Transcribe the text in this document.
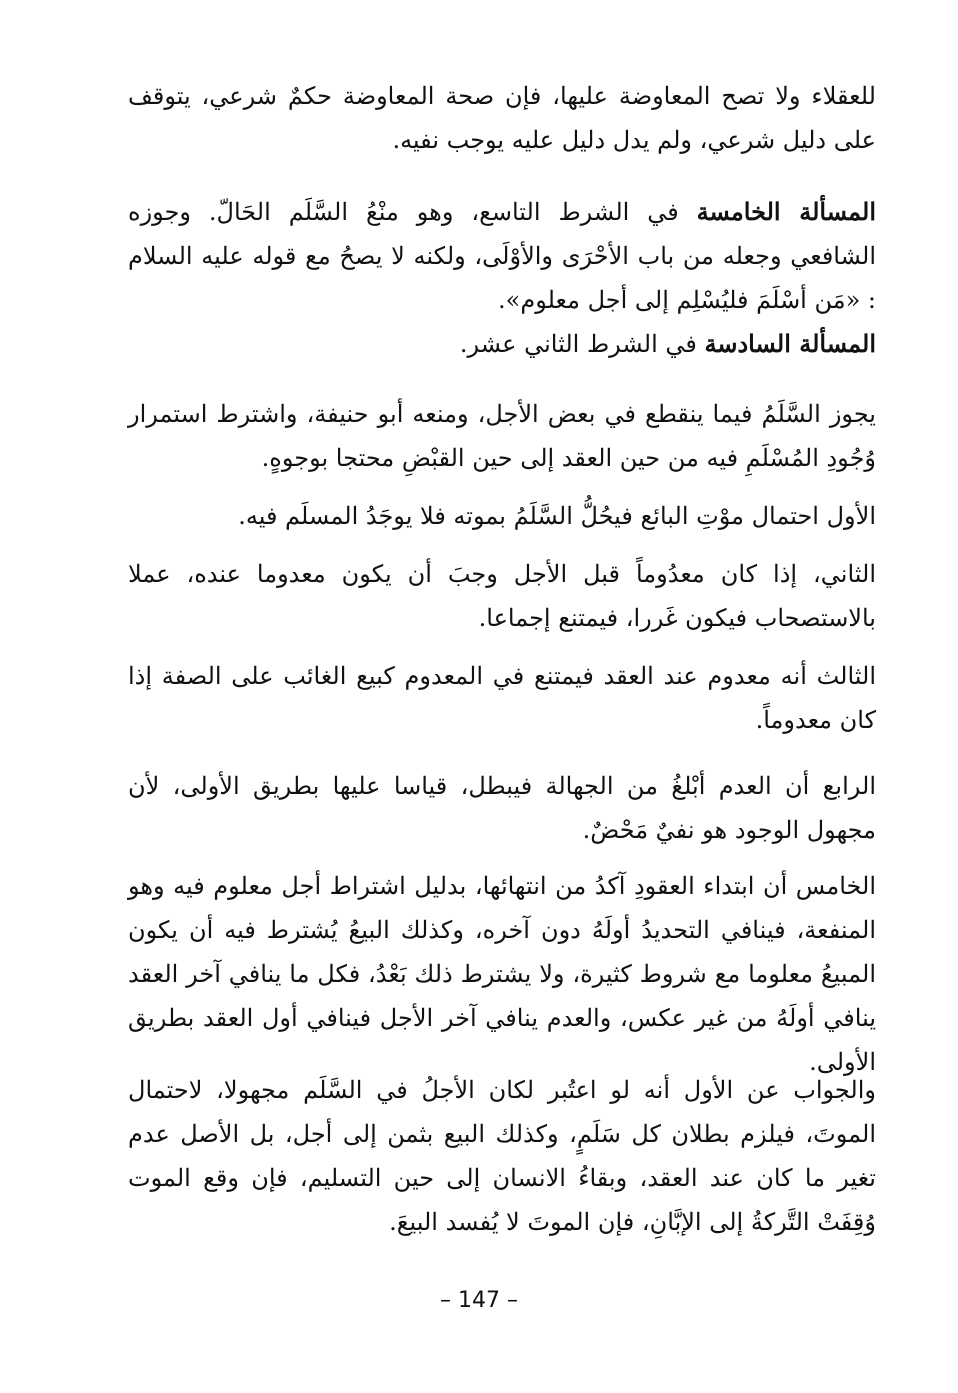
للعقلاء ولا تصح المعاوضة عليها، فإن صحة المعاوضة حكمٌ شرعي، يتوقف على دليل شرعي، ولم يدل دليل عليه يوجب نفيه.

المسألة الخامسة في الشرط التاسع، وهو منْعُ السَّلَم الحَالّ. وجوزه الشافعي وجعله من باب الأحْرَى والأوْلَى، ولكنه لا يصحُ مع قوله عليه السلام : «مَن أسْلَمَ فليُسْلِم إلى أجل معلوم».

المسألة السادسة في الشرط الثاني عشر.

يجوز السَّلَمُ فيما ينقطع في بعض الأجل، ومنعه أبو حنيفة، واشترط استمرار وُجُودِ المُسْلَمِ فيه من حين العقد إلى حين القبْضِ محتجا بوجوهٍ.

الأول احتمال موْتِ البائع فيحُلُّ السَّلَمُ بموته فلا يوجَدُ المسلَم فيه.

الثاني، إذا كان معدُوماً قبل الأجل وجبَ أن يكون معدوما عنده، عملا بالاستصحاب فيكون غَررا، فيمتنع إجماعا.

الثالث أنه معدوم عند العقد فيمتنع في المعدوم كبيع الغائب على الصفة إذا كان معدوماً.

الرابع أن العدم أبْلغُ من الجهالة فيبطل، قياسا عليها بطريق الأولى، لأن مجهول الوجود هو نفيٌ مَحْضٌ.

الخامس أن ابتداء العقودِ آكدُ من انتهائها، بدليل اشتراط أجل معلوم فيه وهو المنفعة، فينافي التحديدُ أولَهُ دون آخره، وكذلك البيعُ يُشترط فيه أن يكون المبيعُ معلوما مع شروط كثيرة، ولا يشترط ذلك بَعْدُ، فكل ما ينافي آخر العقد ينافي أولَهُ من غير عكس، والعدم ينافي آخر الأجل فينافي أول العقد بطريق الأولى.

والجواب عن الأول أنه لو اعتُبر لكان الأجلُ في السَّلَم مجهولا، لاحتمال الموتَ، فيلزم بطلان كل سَلَمٍ، وكذلك البيع بثمن إلى أجل، بل الأصل عدم تغير ما كان عند العقد، وبقاءُ الانسان إلى حين التسليم، فإن وقع الموت وُقِفَتْ التَّركةُ إلى الإبَّانِ، فإن الموتَ لا يُفسد البيعَ.

– 147 –
